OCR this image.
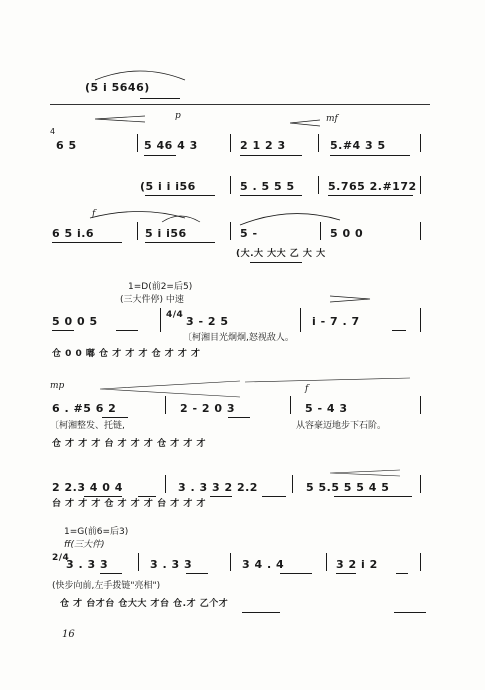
(5 i 5646)
p	mf
4
6 5	5 46 4 3	2 1 2 3	5.#4 3 5
(5 i i i56	5 . 5 5 5	5.765 2.#172
f
6 5 i.6	5 i i56	5 -	5 0 0
(大.大 大大 乙 大 大
1=D(前2=后5)
(三大件停) 中速
5 0 0 5	4/4 3 - 2 5	i - 7 . 7
〔柯湘目光炯炯,怒视敌人。
仓 0 0 嘟 仓 才 才 才 仓 才 才 才
mp	f
6 . #5 6 2	2 - 2 0 3	5 - 4 3
〔柯湘整发、托链,	从容豪迈地步下石阶。
仓 才 才 才 台 才 才 才 仓 才 才 才
2 2.3 4 0 4	3 . 3 3 2 2.2	5 5.5 5 5 4 5
台 才 才 才 仓 才 才 才 台 才 才 才
1=G(前6=后3)
ff(三大件)
2/4
3 . 3 3	3 . 3 3	3 4 . 4	3 2 i 2
(快步向前,左手拨链"亮相")
仓 才 台才台 仓大大 才台 仓.才 乙个才
16
